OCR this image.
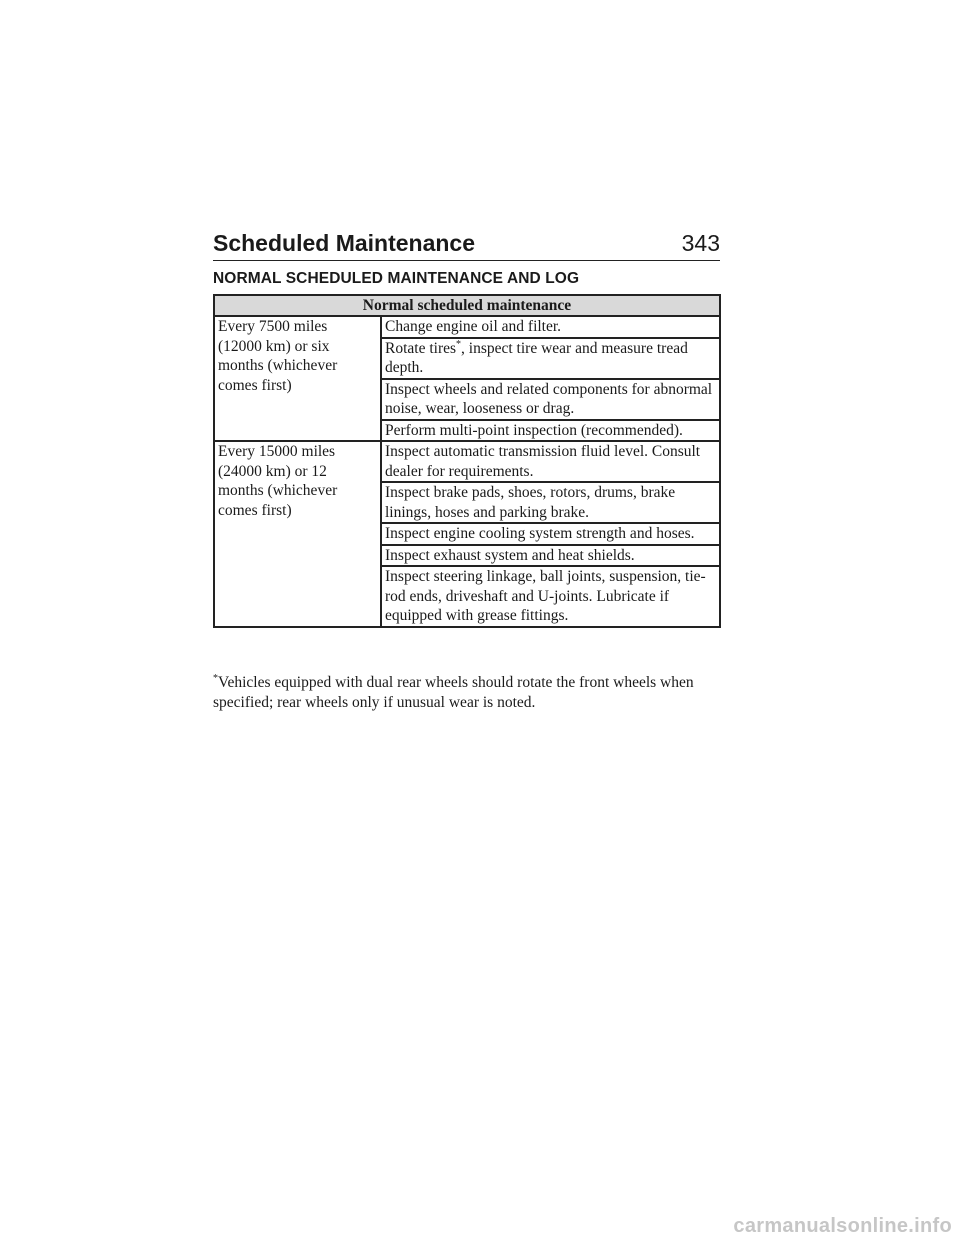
Scheduled Maintenance	343
NORMAL SCHEDULED MAINTENANCE AND LOG
Normal scheduled maintenance	
Every 7500 miles (12000 km) or six months (whichever comes first)	Change engine oil and filter.
	Rotate tires*, inspect tire wear and measure tread depth.
	Inspect wheels and related components for abnormal noise, wear, looseness or drag.
	Perform multi-point inspection (recommended).
Every 15000 miles (24000 km) or 12 months (whichever comes first)	Inspect automatic transmission fluid level. Consult dealer for requirements.
	Inspect brake pads, shoes, rotors, drums, brake linings, hoses and parking brake.
	Inspect engine cooling system strength and hoses.
	Inspect exhaust system and heat shields.
	Inspect steering linkage, ball joints, suspension, tie-rod ends, driveshaft and U-joints. Lubricate if equipped with grease fittings.
*Vehicles equipped with dual rear wheels should rotate the front wheels when specified; rear wheels only if unusual wear is noted.
carmanualsonline.info
